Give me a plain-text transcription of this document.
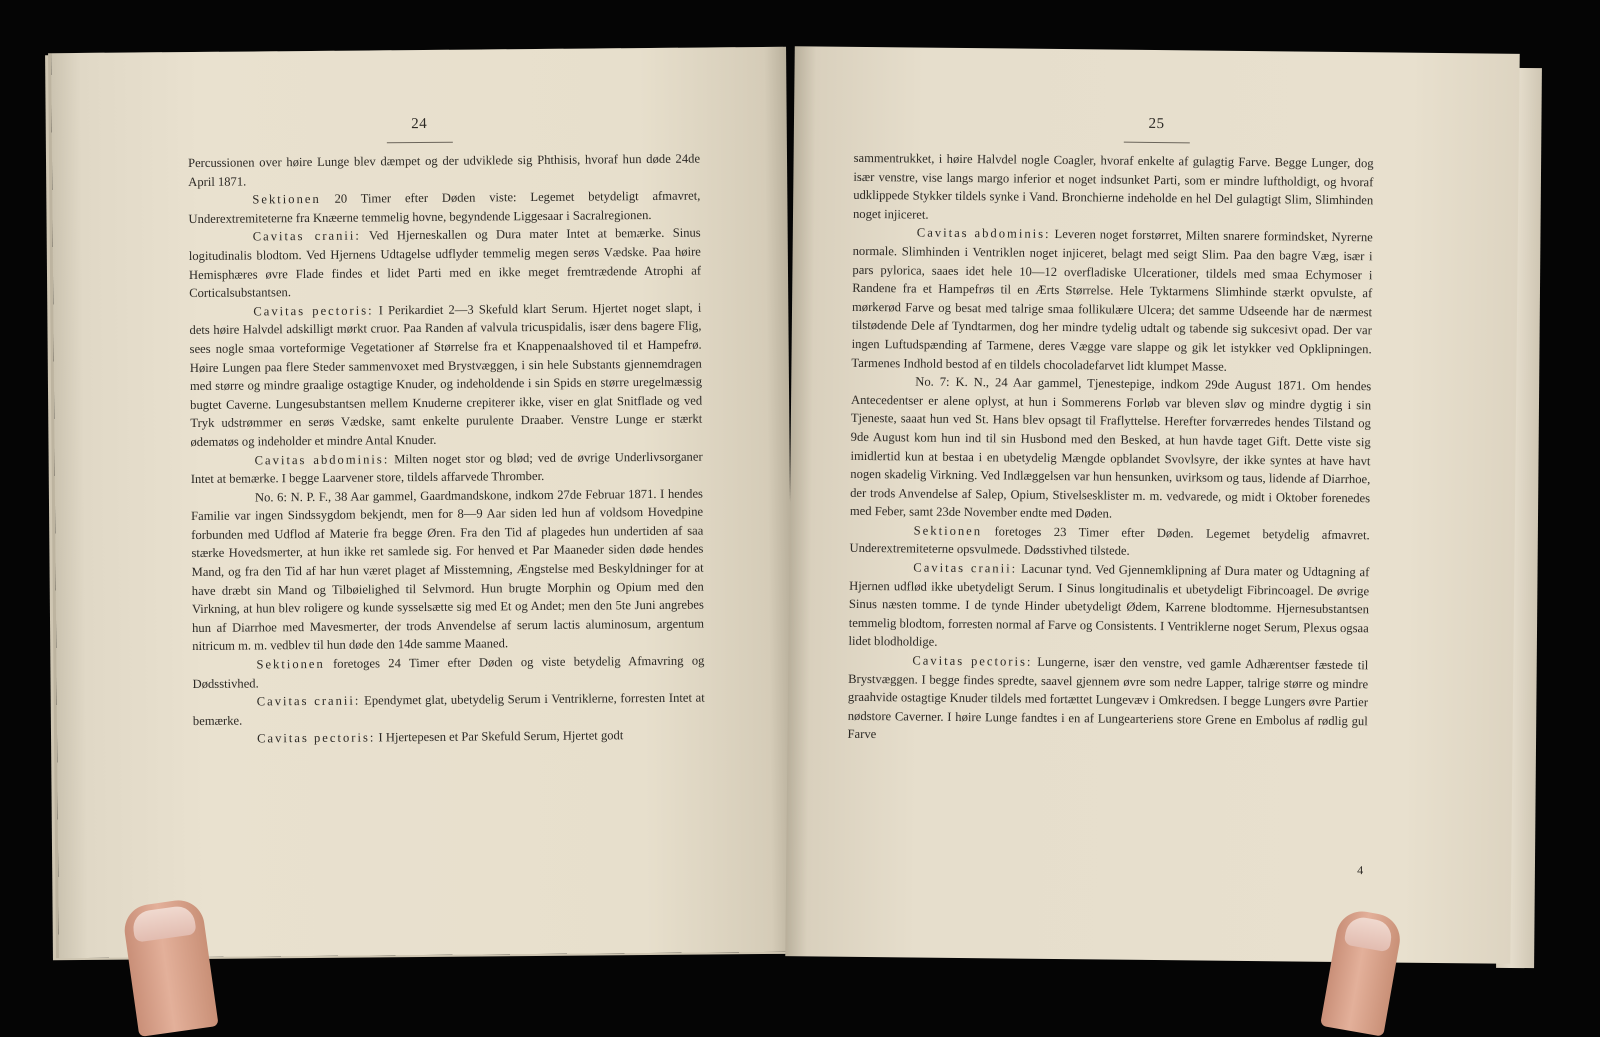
24

Percussionen over høire Lunge blev dæmpet og der udviklede sig Phthisis, hvoraf hun døde 24de April 1871.

Sektionen 20 Timer efter Døden viste: Legemet betydeligt afmavret, Underextremiteterne fra Knæerne temmelig hovne, begyndende Liggesaar i Sacralregionen.

Cavitas cranii: Ved Hjerneskallen og Dura mater Intet at bemærke. Sinus logitudinalis blodtom. Ved Hjernens Udtagelse udflyder temmelig megen serøs Vædske. Paa høire Hemisphæres øvre Flade findes et lidet Parti med en ikke meget fremtrædende Atrophi af Corticalsubstantsen.

Cavitas pectoris: I Perikardiet 2—3 Skefuld klart Serum. Hjertet noget slapt, i dets høire Halvdel adskilligt mørkt cruor. Paa Randen af valvula tricuspidalis, især dens bagere Flig, sees nogle smaa vorteformige Vegetationer af Størrelse fra et Knappenaalshoved til et Hampefrø. Høire Lungen paa flere Steder sammenvoxet med Brystvæggen, i sin hele Substants gjennemdragen med større og mindre graalige ostagtige Knuder, og indeholdende i sin Spids en større uregelmæssig bugtet Caverne. Lungesubstantsen mellem Knuderne crepiterer ikke, viser en glat Snitflade og ved Tryk udstrømmer en serøs Vædske, samt enkelte purulente Draaber. Venstre Lunge er stærkt ødematøs og indeholder et mindre Antal Knuder.

Cavitas abdominis: Milten noget stor og blød; ved de øvrige Underlivsorganer Intet at bemærke. I begge Laarvener store, tildels affarvede Thromber.

No. 6: N. P. F., 38 Aar gammel, Gaardmandskone, indkom 27de Februar 1871. I hendes Familie var ingen Sindssygdom bekjendt, men for 8—9 Aar siden led hun af voldsom Hovedpine forbunden med Udflod af Materie fra begge Øren. Fra den Tid af plagedes hun undertiden af saa stærke Hovedsmerter, at hun ikke ret samlede sig. For henved et Par Maaneder siden døde hendes Mand, og fra den Tid af har hun været plaget af Misstemning, Ængstelse med Beskyldninger for at have dræbt sin Mand og Tilbøielighed til Selvmord. Hun brugte Morphin og Opium med den Virkning, at hun blev roligere og kunde sysselsætte sig med Et og Andet; men den 5te Juni angrebes hun af Diarrhoe med Mavesmerter, der trods Anvendelse af serum lactis aluminosum, argentum nitricum m. m. vedblev til hun døde den 14de samme Maaned.

Sektionen foretoges 24 Timer efter Døden og viste betydelig Afmavring og Dødsstivhed.

Cavitas cranii: Ependymet glat, ubetydelig Serum i Ventriklerne, forresten Intet at bemærke.

Cavitas pectoris: I Hjertepesen et Par Skefuld Serum, Hjertet godt

25

sammentrukket, i høire Halvdel nogle Coagler, hvoraf enkelte af gulagtig Farve. Begge Lunger, dog især venstre, vise langs margo inferior et noget indsunket Parti, som er mindre luftholdigt, og hvoraf udklippede Stykker tildels synke i Vand. Bronchierne indeholde en hel Del gulagtigt Slim, Slimhinden noget injiceret.

Cavitas abdominis: Leveren noget forstørret, Milten snarere formindsket, Nyrerne normale. Slimhinden i Ventriklen noget injiceret, belagt med seigt Slim. Paa den bagre Væg, især i pars pylorica, saaes idet hele 10—12 overfladiske Ulcerationer, tildels med smaa Echymoser i Randene fra et Hampefrøs til en Ærts Størrelse. Hele Tyktarmens Slimhinde stærkt opvulste, af mørkerød Farve og besat med talrige smaa follikulære Ulcera; det samme Udseende har de nærmest tilstødende Dele af Tyndtarmen, dog her mindre tydelig udtalt og tabende sig sukcesivt opad. Der var ingen Luftudspænding af Tarmene, deres Vægge vare slappe og gik let istykker ved Opklipningen. Tarmenes Indhold bestod af en tildels chocoladefarvet lidt klumpet Masse.

No. 7: K. N., 24 Aar gammel, Tjenestepige, indkom 29de August 1871. Om hendes Antecedentser er alene oplyst, at hun i Sommerens Forløb var bleven sløv og mindre dygtig i sin Tjeneste, saaat hun ved St. Hans blev opsagt til Fraflyttelse. Herefter forværredes hendes Tilstand og 9de August kom hun ind til sin Husbond med den Besked, at hun havde taget Gift. Dette viste sig imidlertid kun at bestaa i en ubetydelig Mængde opblandet Svovlsyre, der ikke syntes at have havt nogen skadelig Virkning. Ved Indlæggelsen var hun hensunken, uvirksom og taus, lidende af Diarrhoe, der trods Anvendelse af Salep, Opium, Stivelsesklister m. m. vedvarede, og midt i Oktober forenedes med Feber, samt 23de November endte med Døden.

Sektionen foretoges 23 Timer efter Døden. Legemet betydelig afmavret. Underextremiteterne opsvulmede. Dødsstivhed tilstede.

Cavitas cranii: Lacunar tynd. Ved Gjennemklipning af Dura mater og Udtagning af Hjernen udflød ikke ubetydeligt Serum. I Sinus longitudinalis et ubetydeligt Fibrincoagel. De øvrige Sinus næsten tomme. I de tynde Hinder ubetydeligt Ødem, Karrene blodtomme. Hjernesubstantsen temmelig blodtom, forresten normal af Farve og Consistents. I Ventriklerne noget Serum, Plexus ogsaa lidet blodholdige.

Cavitas pectoris: Lungerne, især den venstre, ved gamle Adhærentser fæstede til Brystvæggen. I begge findes spredte, saavel gjennem øvre som nedre Lapper, talrige større og mindre graahvide ostagtige Knuder tildels med fortættet Lungevæv i Omkredsen. I begge Lungers øvre Partier nødstore Caverner. I høire Lunge fandtes i en af Lungearteriens store Grene en Embolus af rødlig gul Farve

4
